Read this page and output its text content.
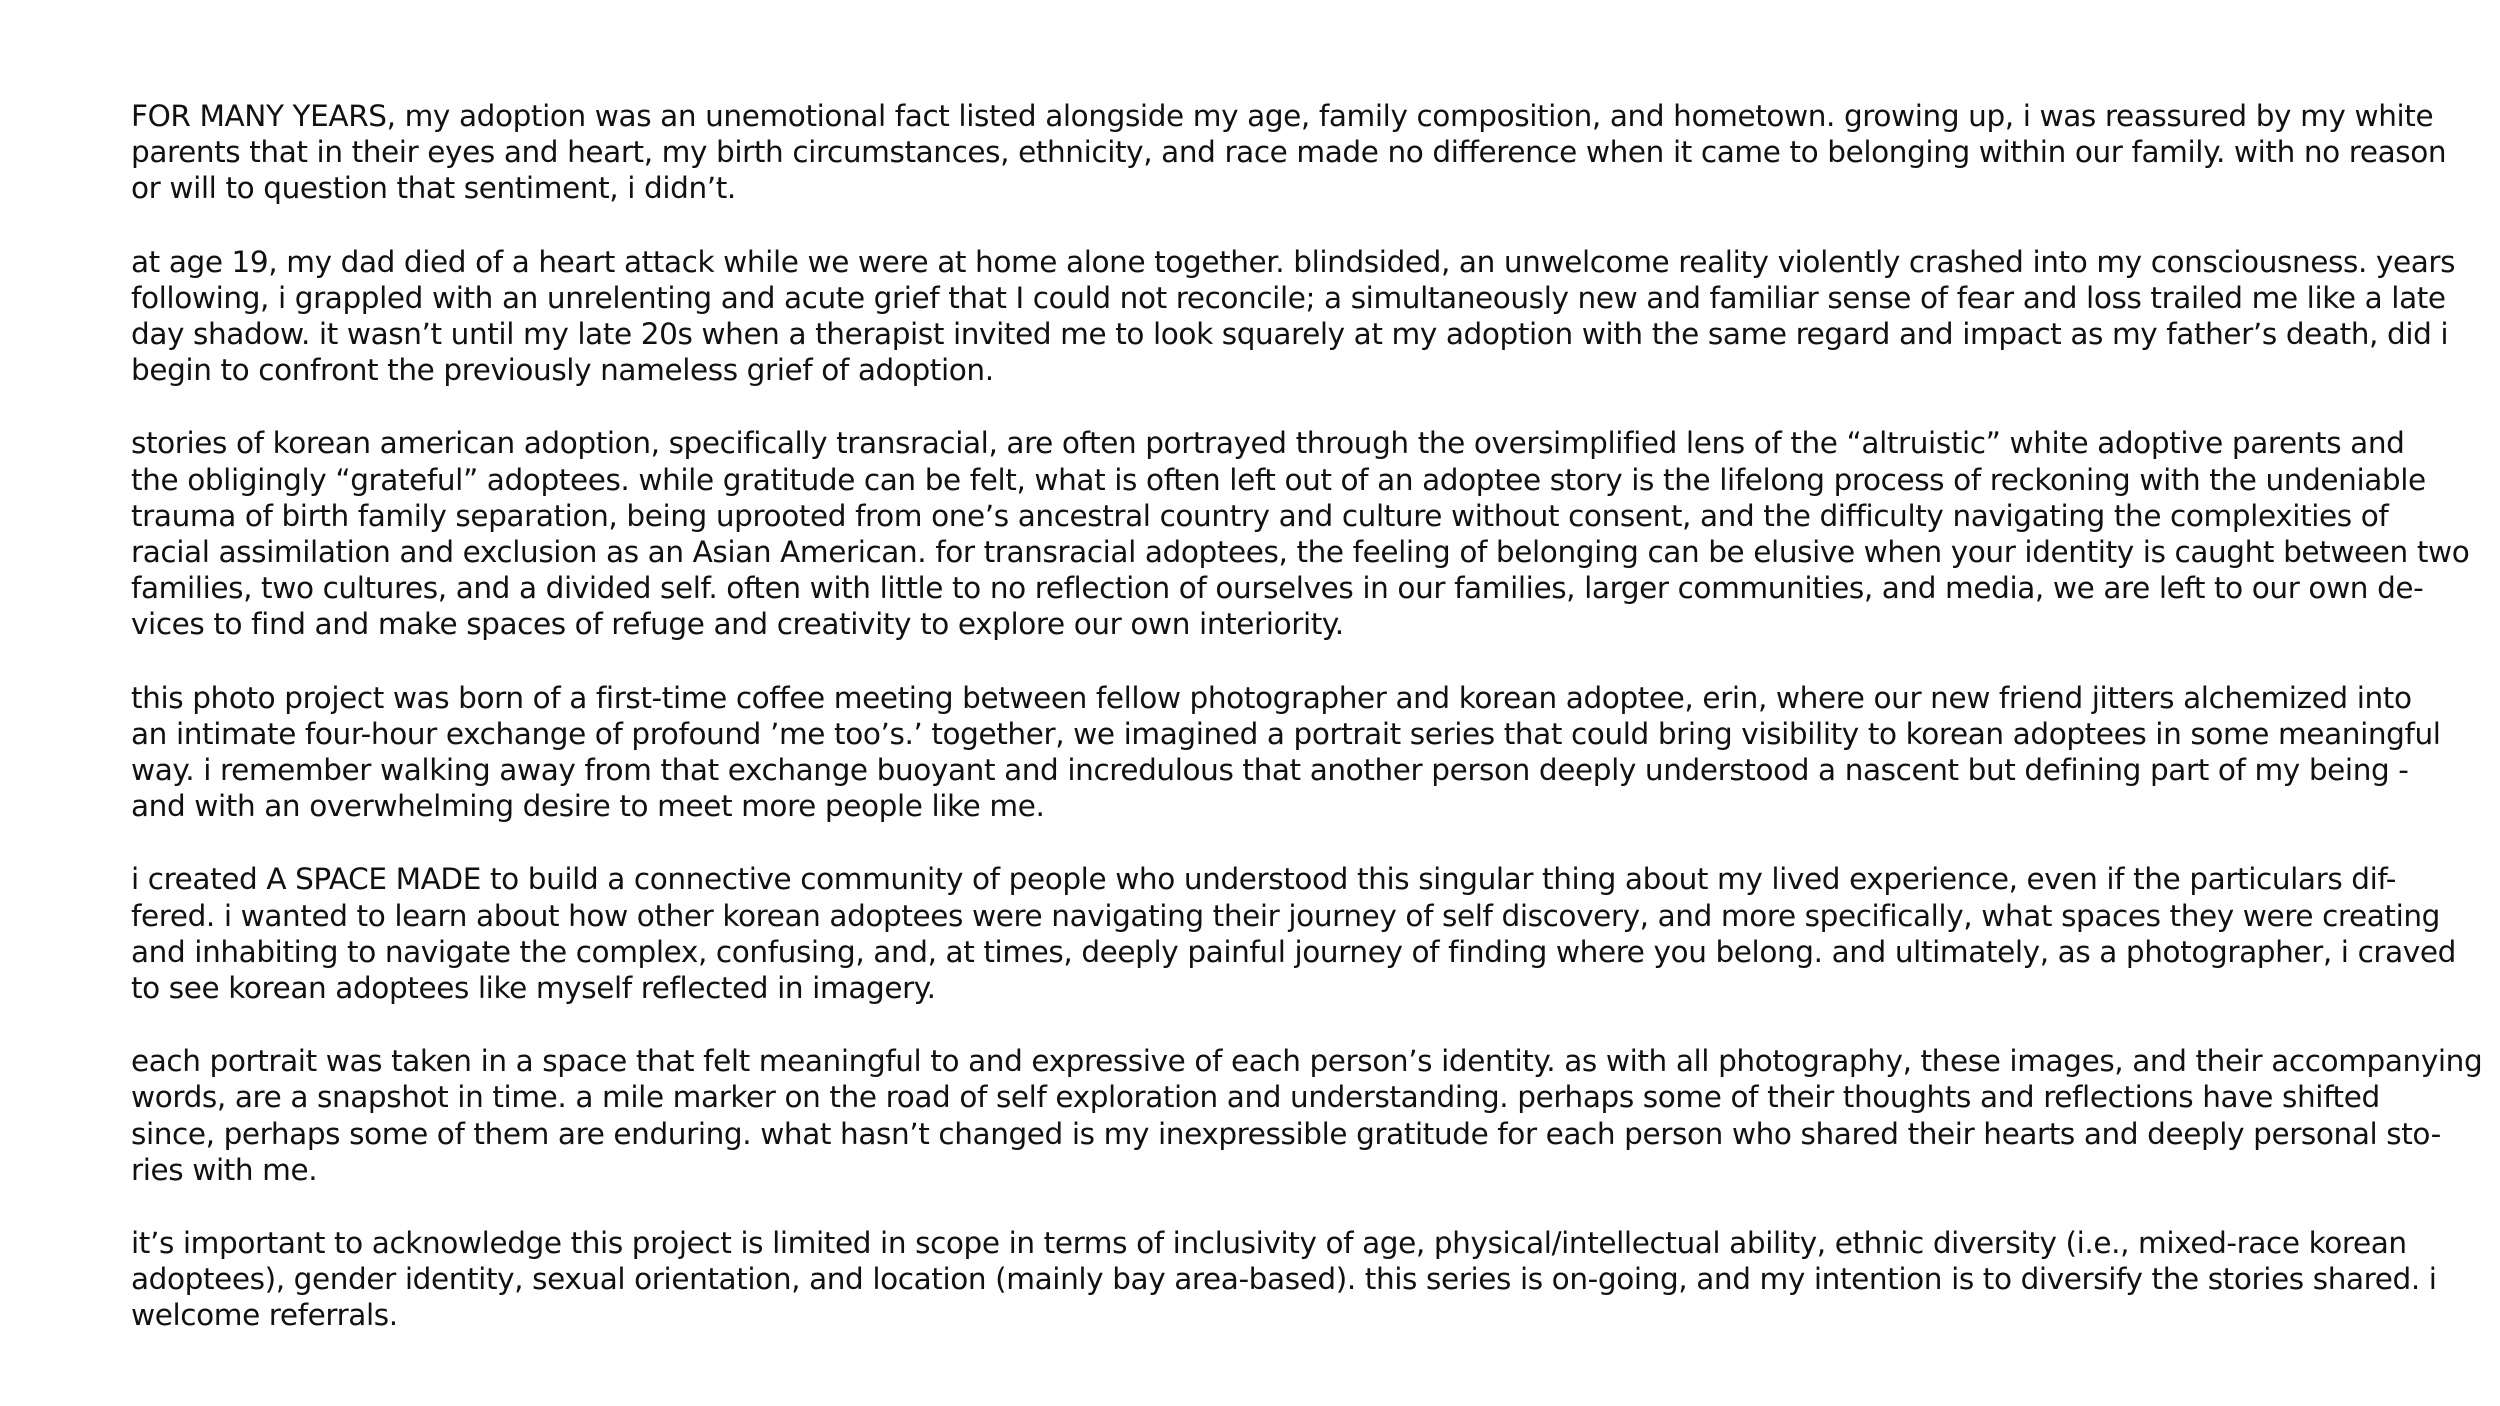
FOR MANY YEARS, my adoption was an unemotional fact listed alongside my age, family composition, and hometown. growing up, i was reassured by my white
parents that in their eyes and heart, my birth circumstances, ethnicity, and race made no difference when it came to belonging within our family. with no reason
or will to question that sentiment, i didn’t.

at age 19, my dad died of a heart attack while we were at home alone together. blindsided, an unwelcome reality violently crashed into my consciousness. years
following, i grappled with an unrelenting and acute grief that I could not reconcile; a simultaneously new and familiar sense of fear and loss trailed me like a late
day shadow. it wasn’t until my late 20s when a therapist invited me to look squarely at my adoption with the same regard and impact as my father’s death, did i
begin to confront the previously nameless grief of adoption.

stories of korean american adoption, specifically transracial, are often portrayed through the oversimplified lens of the “altruistic” white adoptive parents and
the obligingly “grateful” adoptees. while gratitude can be felt, what is often left out of an adoptee story is the lifelong process of reckoning with the undeniable
trauma of birth family separation, being uprooted from one’s ancestral country and culture without consent, and the difficulty navigating the complexities of
racial assimilation and exclusion as an Asian American. for transracial adoptees, the feeling of belonging can be elusive when your identity is caught between two
families, two cultures, and a divided self. often with little to no reflection of ourselves in our families, larger communities, and media, we are left to our own de-
vices to find and make spaces of refuge and creativity to explore our own interiority.

this photo project was born of a first-time coffee meeting between fellow photographer and korean adoptee, erin, where our new friend jitters alchemized into
an intimate four-hour exchange of profound ’me too’s.’ together, we imagined a portrait series that could bring visibility to korean adoptees in some meaningful
way. i remember walking away from that exchange buoyant and incredulous that another person deeply understood a nascent but defining part of my being -
and with an overwhelming desire to meet more people like me.

i created A SPACE MADE to build a connective community of people who understood this singular thing about my lived experience, even if the particulars dif-
fered. i wanted to learn about how other korean adoptees were navigating their journey of self discovery, and more specifically, what spaces they were creating
and inhabiting to navigate the complex, confusing, and, at times, deeply painful journey of finding where you belong. and ultimately, as a photographer, i craved
to see korean adoptees like myself reflected in imagery.

each portrait was taken in a space that felt meaningful to and expressive of each person’s identity. as with all photography, these images, and their accompanying
words, are a snapshot in time. a mile marker on the road of self exploration and understanding. perhaps some of their thoughts and reflections have shifted
since, perhaps some of them are enduring. what hasn’t changed is my inexpressible gratitude for each person who shared their hearts and deeply personal sto-
ries with me.

it’s important to acknowledge this project is limited in scope in terms of inclusivity of age, physical/intellectual ability, ethnic diversity (i.e., mixed-race korean
adoptees), gender identity, sexual orientation, and location (mainly bay area-based). this series is on-going, and my intention is to diversify the stories shared. i
welcome referrals.
